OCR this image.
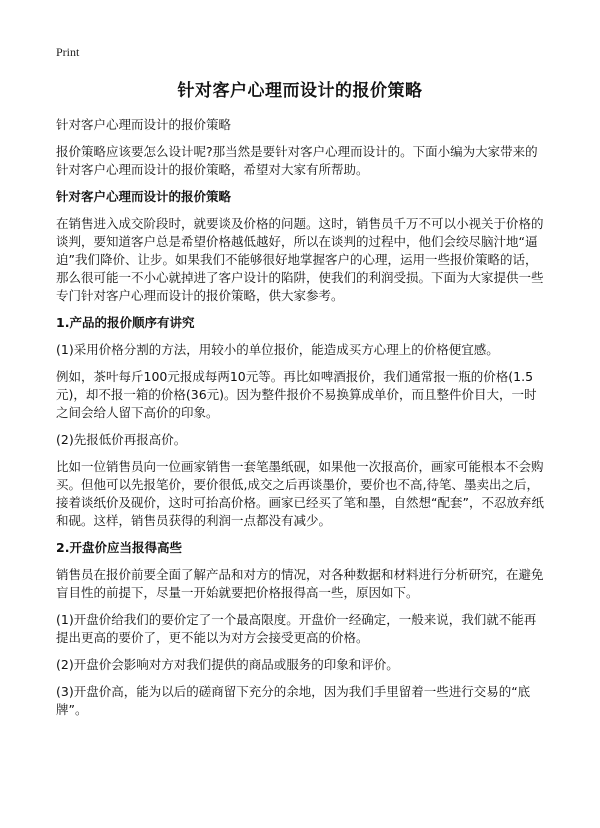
Print
针对客户心理而设计的报价策略

针对客户心理而设计的报价策略

报价策略应该要怎么设计呢?那当然是要针对客户心理而设计的。下面小编为大家带来的针对客户心理而设计的报价策略，希望对大家有所帮助。

针对客户心理而设计的报价策略

在销售进入成交阶段时，就要谈及价格的问题。这时，销售员千万不可以小视关于价格的谈判，要知道客户总是希望价格越低越好，所以在谈判的过程中，他们会绞尽脑汁地“逼迫”我们降价、让步。如果我们不能够很好地掌握客户的心理，运用一些报价策略的话，那么很可能一不小心就掉进了客户设计的陷阱，使我们的利润受损。下面为大家提供一些专门针对客户心理而设计的报价策略，供大家参考。

1.产品的报价顺序有讲究

(1)采用价格分割的方法，用较小的单位报价，能造成买方心理上的价格便宜感。

例如，茶叶每斤100元报成每两10元等。再比如啤酒报价，我们通常报一瓶的价格(1.5元)，却不报一箱的价格(36元)。因为整件报价不易换算成单价，而且整件价目大，一时之间会给人留下高价的印象。

(2)先报低价再报高价。

比如一位销售员向一位画家销售一套笔墨纸砚，如果他一次报高价，画家可能根本不会购买。但他可以先报笔价，要价很低,成交之后再谈墨价，要价也不高,待笔、墨卖出之后，接着谈纸价及砚价，这时可抬高价格。画家已经买了笔和墨，自然想“配套”，不忍放弃纸和砚。这样，销售员获得的利润一点都没有减少。

2.开盘价应当报得高些

销售员在报价前要全面了解产品和对方的情况，对各种数据和材料进行分析研究，在避免盲目性的前提下，尽量一开始就要把价格报得高一些，原因如下。

(1)开盘价给我们的要价定了一个最高限度。开盘价一经确定，一般来说，我们就不能再提出更高的要价了，更不能以为对方会接受更高的价格。

(2)开盘价会影响对方对我们提供的商品或服务的印象和评价。

(3)开盘价高，能为以后的磋商留下充分的余地，因为我们手里留着一些进行交易的“底牌”。
